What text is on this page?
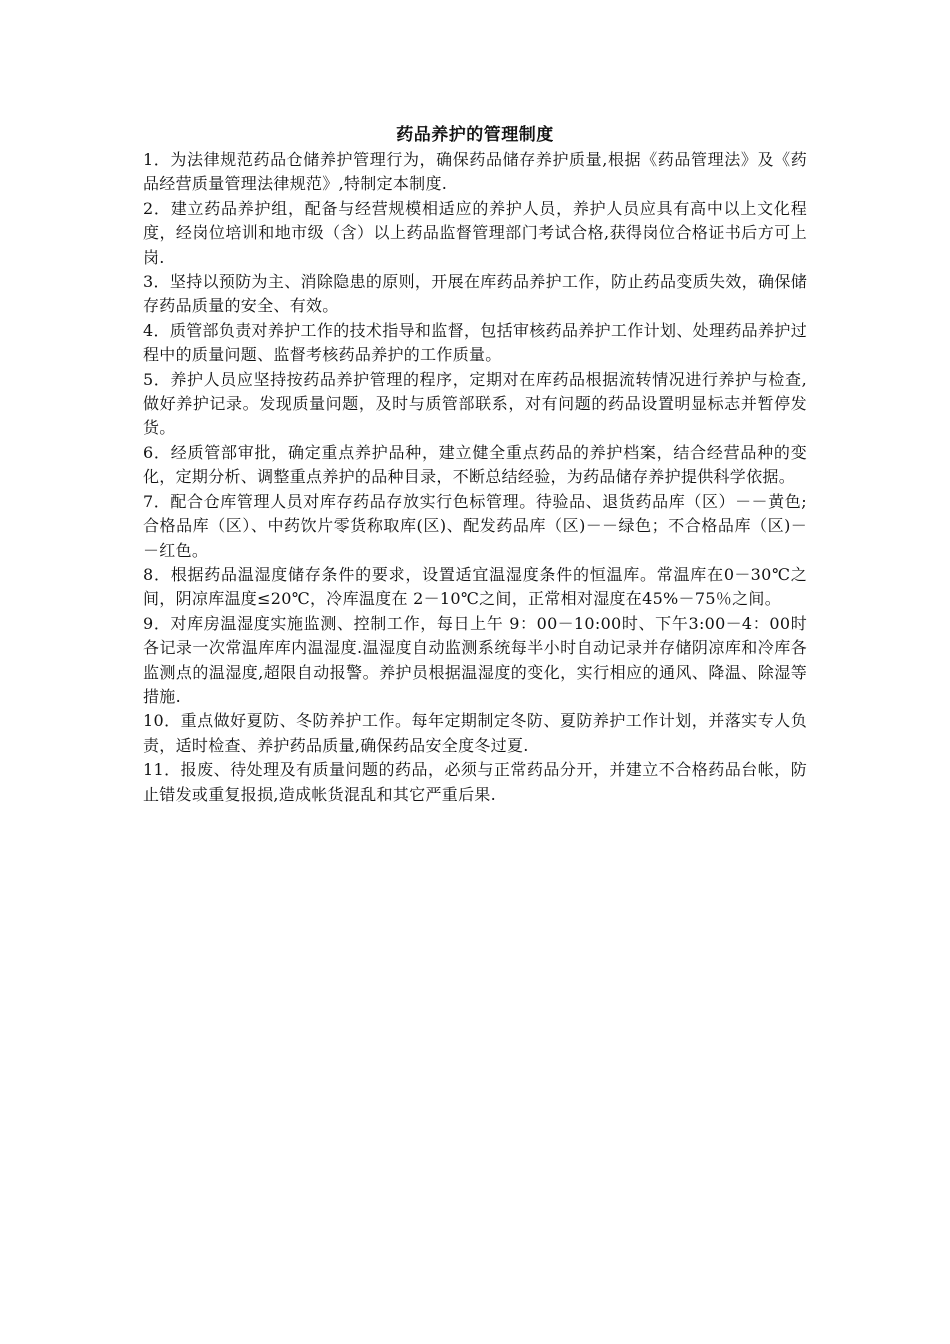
药品养护的管理制度

1．为法律规范药品仓储养护管理行为，确保药品储存养护质量,根据《药品管理法》及《药品经营质量管理法律规范》,特制定本制度.

2．建立药品养护组，配备与经营规模相适应的养护人员，养护人员应具有高中以上文化程度，经岗位培训和地市级（含）以上药品监督管理部门考试合格,获得岗位合格证书后方可上岗.

3．坚持以预防为主、消除隐患的原则，开展在库药品养护工作，防止药品变质失效，确保储存药品质量的安全、有效。

4．质管部负责对养护工作的技术指导和监督，包括审核药品养护工作计划、处理药品养护过程中的质量问题、监督考核药品养护的工作质量。

5．养护人员应坚持按药品养护管理的程序，定期对在库药品根据流转情况进行养护与检查,做好养护记录。发现质量问题，及时与质管部联系，对有问题的药品设置明显标志并暂停发货。

6．经质管部审批，确定重点养护品种，建立健全重点药品的养护档案，结合经营品种的变化，定期分析、调整重点养护的品种目录，不断总结经验，为药品储存养护提供科学依据。

7．配合仓库管理人员对库存药品存放实行色标管理。待验品、退货药品库（区）－－黄色;合格品库（区）、中药饮片零货称取库(区)、配发药品库（区)－－绿色；不合格品库（区)－－红色。

8．根据药品温湿度储存条件的要求，设置适宜温湿度条件的恒温库。常温库在0－30℃之间，阴凉库温度≤20℃，冷库温度在 2－10℃之间，正常相对湿度在45%－75％之间。

9．对库房温湿度实施监测、控制工作，每日上午 9：00－10:00时、下午3:00－4：00时各记录一次常温库库内温湿度.温湿度自动监测系统每半小时自动记录并存储阴凉库和冷库各监测点的温湿度,超限自动报警。养护员根据温湿度的变化，实行相应的通风、降温、除湿等措施.

10．重点做好夏防、冬防养护工作。每年定期制定冬防、夏防养护工作计划，并落实专人负责，适时检查、养护药品质量,确保药品安全度冬过夏.

11．报废、待处理及有质量问题的药品，必须与正常药品分开，并建立不合格药品台帐，防止错发或重复报损,造成帐货混乱和其它严重后果.
